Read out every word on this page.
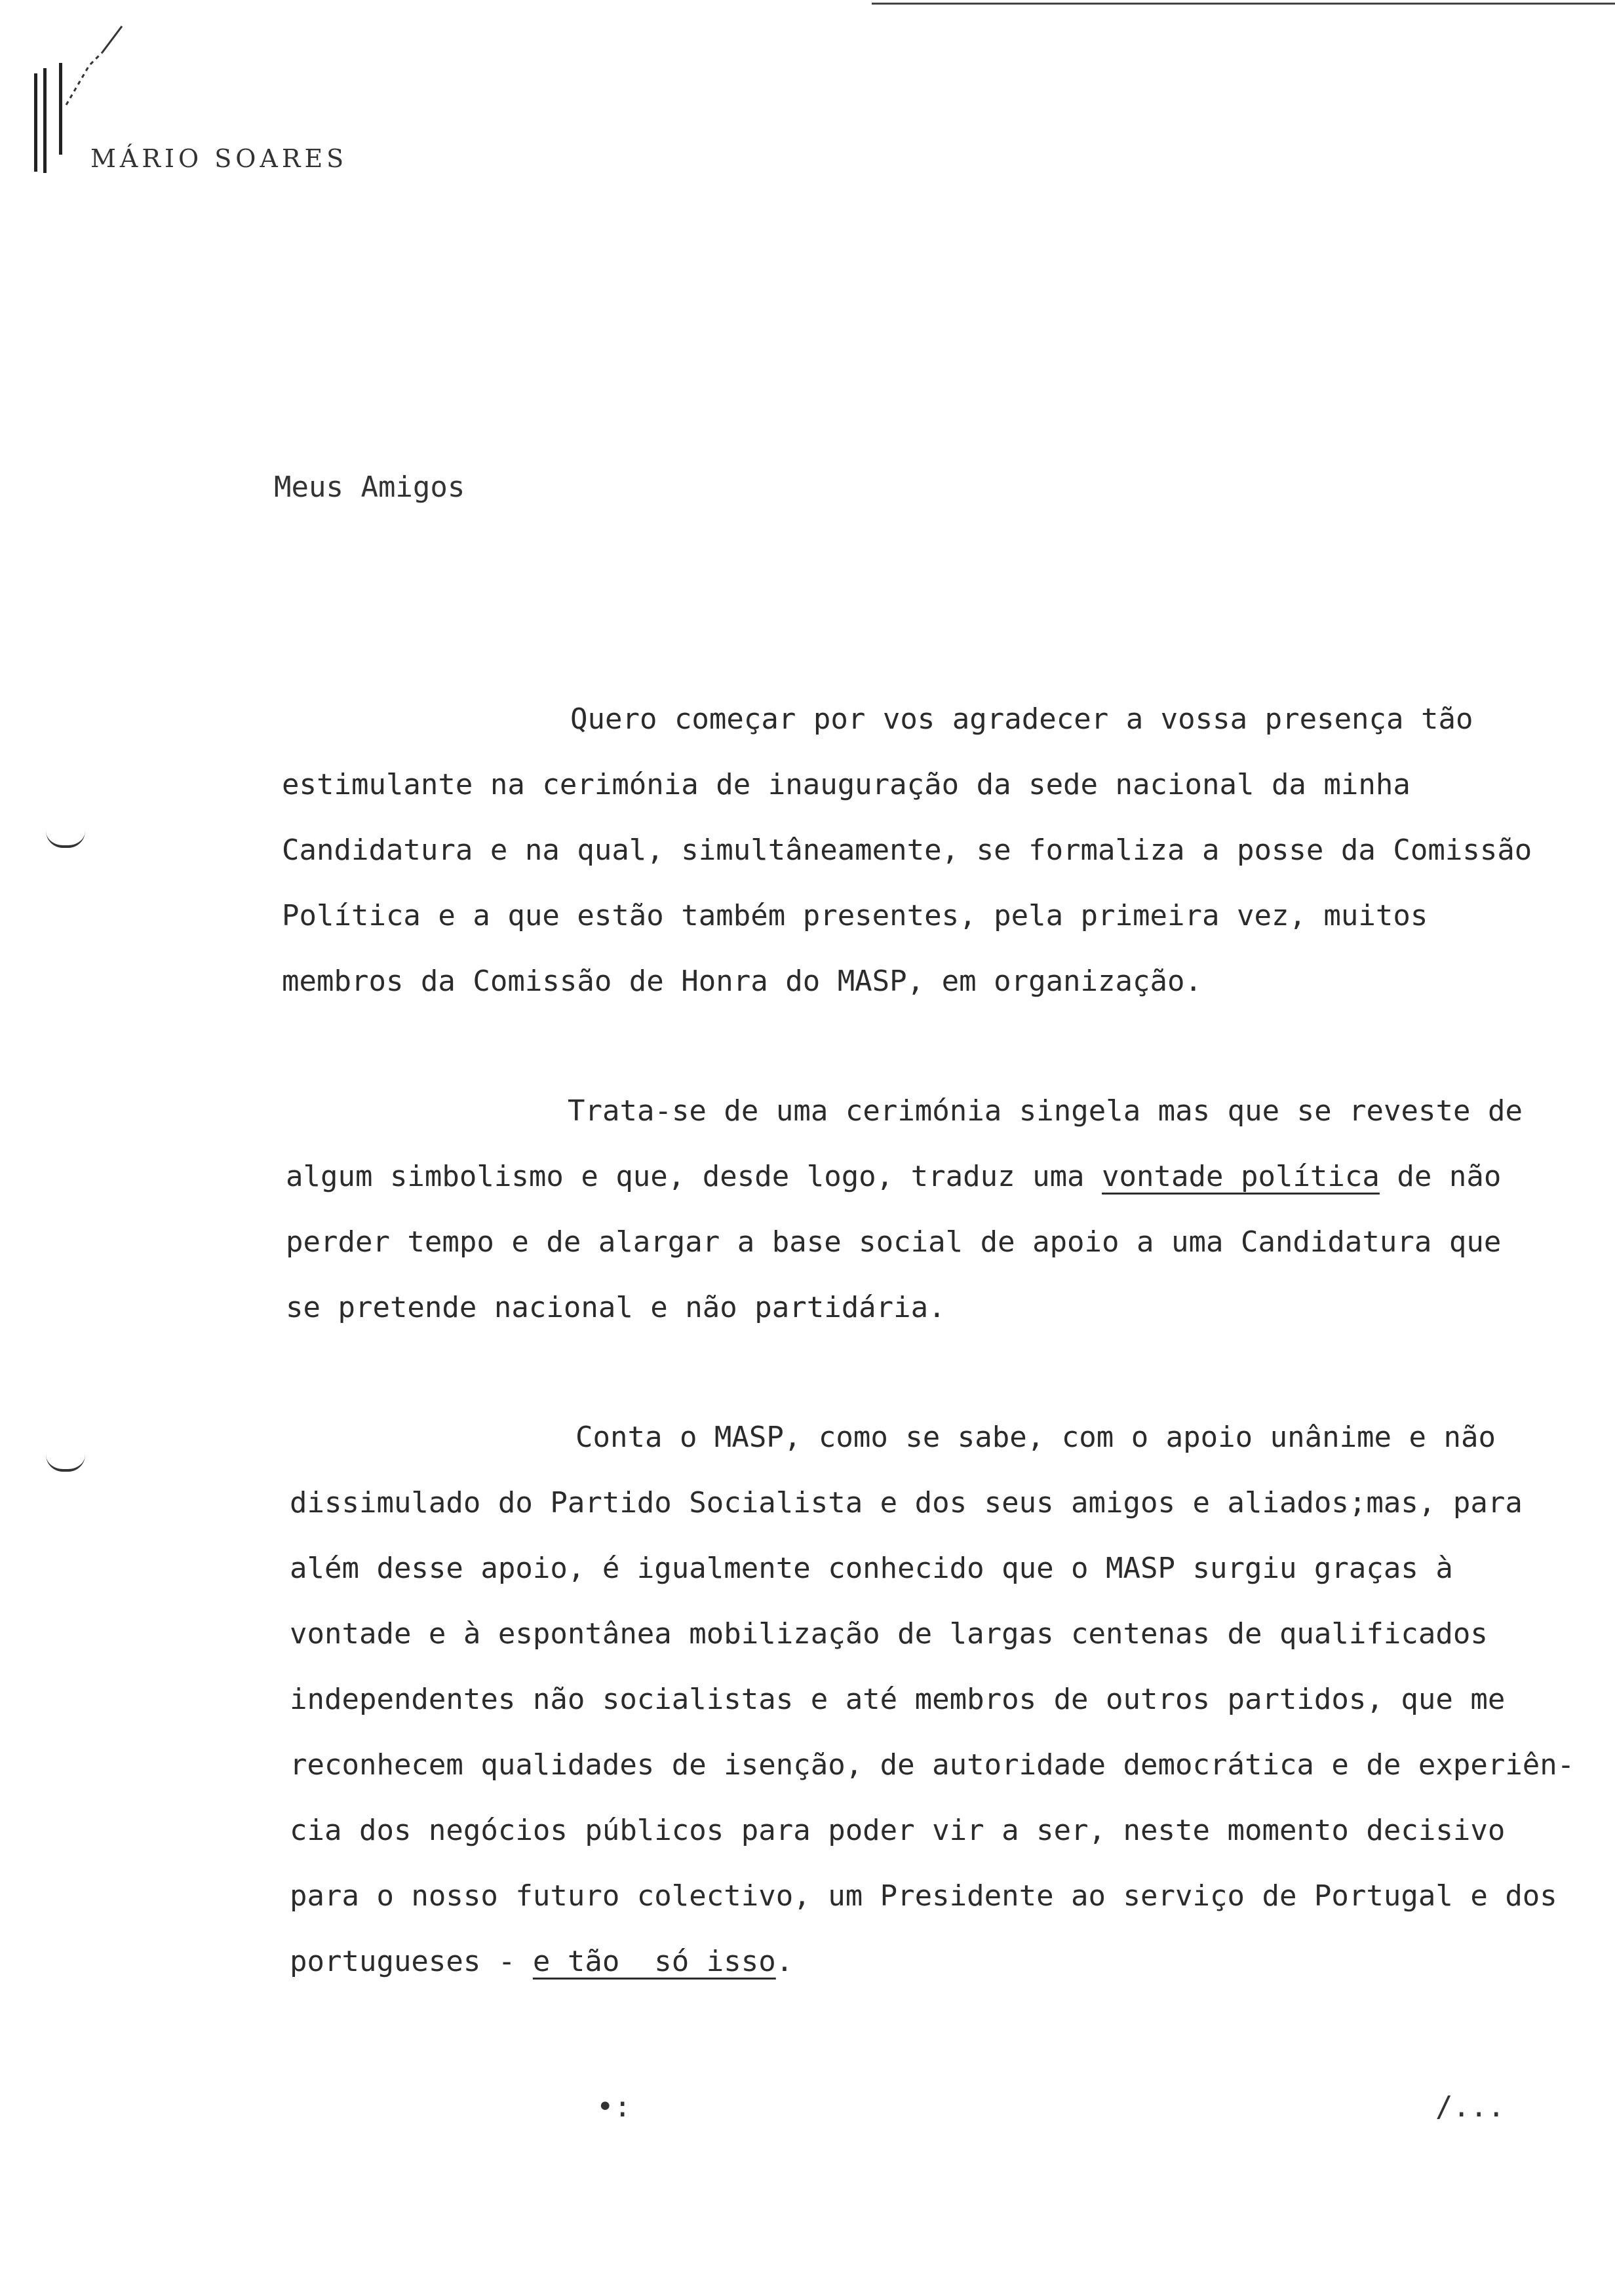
MÁRIO SOARES
Meus Amigos
Quero começar por vos agradecer a vossa presença tão
estimulante na cerimónia de inauguração da sede nacional da minha
Candidatura e na qual, simultâneamente, se formaliza a posse da Comissão
Política e a que estão também presentes, pela primeira vez, muitos
membros da Comissão de Honra do MASP, em organização.
Trata-se de uma cerimónia singela mas que se reveste de
algum simbolismo e que, desde logo, traduz uma vontade política de não
perder tempo e de alargar a base social de apoio a uma Candidatura que
se pretende nacional e não partidária.
Conta o MASP, como se sabe, com o apoio unânime e não
dissimulado do Partido Socialista e dos seus amigos e aliados;mas, para
além desse apoio, é igualmente conhecido que o MASP surgiu graças à
vontade e à espontânea mobilização de largas centenas de qualificados
independentes não socialistas e até membros de outros partidos, que me
reconhecem qualidades de isenção, de autoridade democrática e de experiên-
cia dos negócios públicos para poder vir a ser, neste momento decisivo
para o nosso futuro colectivo, um Presidente ao serviço de Portugal e dos
portugueses - e tão  só isso.
•:	/...
